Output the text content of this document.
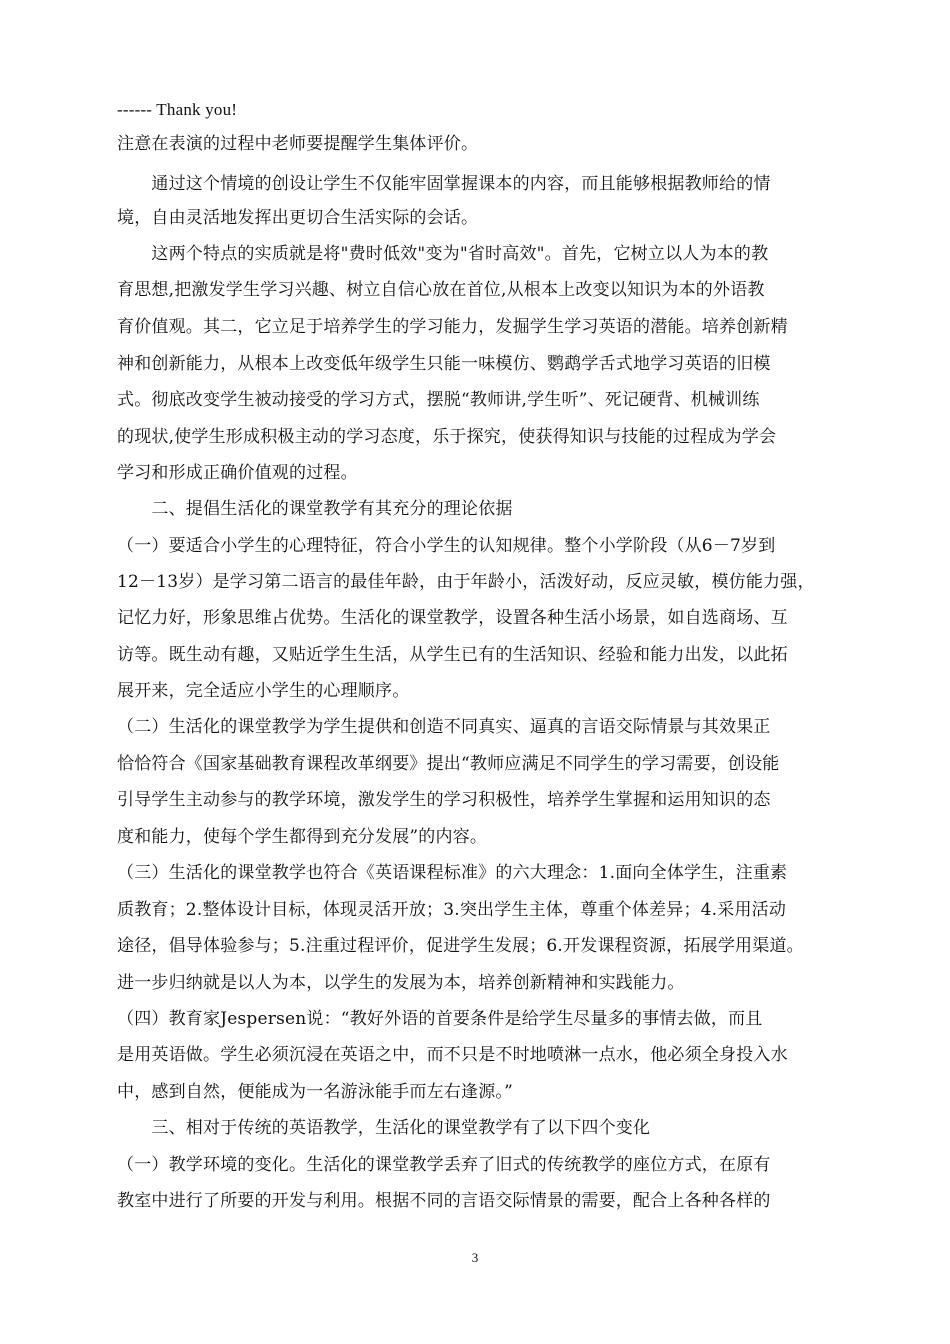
------ Thank you!
注意在表演的过程中老师要提醒学生集体评价。
　　通过这个情境的创设让学生不仅能牢固掌握课本的内容，而且能够根据教师给的情
境，自由灵活地发挥出更切合生活实际的会话。
　　这两个特点的实质就是将"费时低效"变为"省时高效"。首先，它树立以人为本的教
育思想,把激发学生学习兴趣、树立自信心放在首位,从根本上改变以知识为本的外语教
育价值观。其二，它立足于培养学生的学习能力，发掘学生学习英语的潜能。培养创新精
神和创新能力，从根本上改变低年级学生只能一味模仿、鹦鹉学舌式地学习英语的旧模
式。彻底改变学生被动接受的学习方式，摆脱“教师讲,学生听”、死记硬背、机械训练
的现状,使学生形成积极主动的学习态度，乐于探究，使获得知识与技能的过程成为学会
学习和形成正确价值观的过程。
　　二、提倡生活化的课堂教学有其充分的理论依据
（一）要适合小学生的心理特征，符合小学生的认知规律。整个小学阶段（从6－7岁到
12－13岁）是学习第二语言的最佳年龄，由于年龄小，活泼好动，反应灵敏，模仿能力强，
记忆力好，形象思维占优势。生活化的课堂教学，设置各种生活小场景，如自选商场、互
访等。既生动有趣，又贴近学生生活，从学生已有的生活知识、经验和能力出发，以此拓
展开来，完全适应小学生的心理顺序。
（二）生活化的课堂教学为学生提供和创造不同真实、逼真的言语交际情景与其效果正
恰恰符合《国家基础教育课程改革纲要》提出“教师应满足不同学生的学习需要，创设能
引导学生主动参与的教学环境，激发学生的学习积极性，培养学生掌握和运用知识的态
度和能力，使每个学生都得到充分发展”的内容。
（三）生活化的课堂教学也符合《英语课程标准》的六大理念：1.面向全体学生，注重素
质教育；2.整体设计目标，体现灵活开放；3.突出学生主体，尊重个体差异；4.采用活动
途径，倡导体验参与；5.注重过程评价，促进学生发展；6.开发课程资源，拓展学用渠道。
进一步归纳就是以人为本，以学生的发展为本，培养创新精神和实践能力。
（四）教育家Jespersen说：“教好外语的首要条件是给学生尽量多的事情去做，而且
是用英语做。学生必须沉浸在英语之中，而不只是不时地喷淋一点水，他必须全身投入水
中，感到自然，便能成为一名游泳能手而左右逢源。”
　　三、相对于传统的英语教学，生活化的课堂教学有了以下四个变化
（一）教学环境的变化。生活化的课堂教学丢弃了旧式的传统教学的座位方式，在原有
教室中进行了所要的开发与利用。根据不同的言语交际情景的需要，配合上各种各样的
3
